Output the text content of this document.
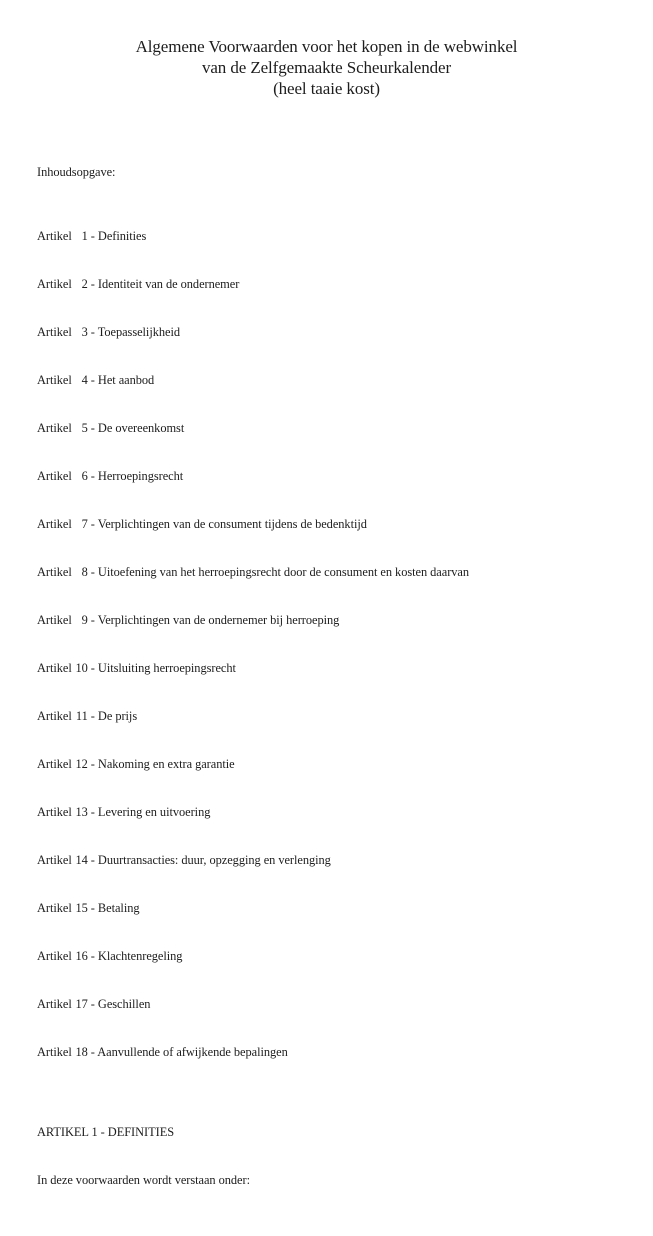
Algemene Voorwaarden voor het kopen in de webwinkel
van de Zelfgemaakte Scheurkalender
(heel taaie kost)

Inhoudsopgave:

Artikel 1 - Definities

Artikel 2 - Identiteit van de ondernemer

Artikel 3 - Toepasselijkheid

Artikel 4 - Het aanbod

Artikel 5 - De overeenkomst

Artikel 6 - Herroepingsrecht

Artikel 7 - Verplichtingen van de consument tijdens de bedenktijd

Artikel 8 - Uitoefening van het herroepingsrecht door de consument en kosten daarvan

Artikel 9 - Verplichtingen van de ondernemer bij herroeping

Artikel 10 - Uitsluiting herroepingsrecht

Artikel 11 - De prijs

Artikel 12 - Nakoming en extra garantie

Artikel 13 - Levering en uitvoering

Artikel 14 - Duurtransacties: duur, opzegging en verlenging

Artikel 15 - Betaling

Artikel 16 - Klachtenregeling

Artikel 17 - Geschillen

Artikel 18 - Aanvullende of afwijkende bepalingen

ARTIKEL 1 - DEFINITIES

In deze voorwaarden wordt verstaan onder:
